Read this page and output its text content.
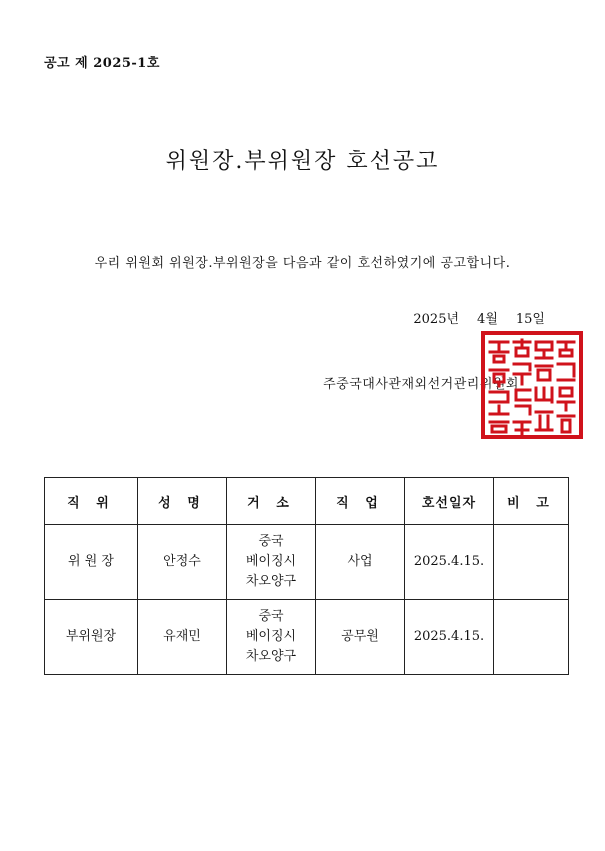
공고 제 2025-1호
위원장.부위원장 호선공고
우리 위원회 위원장.부위원장을 다음과 같이 호선하였기에 공고합니다.
2025년 4월 15일
주중국대사관재외선거관리위원회
직 위	성 명	거 소	직 업	호선일자	비 고
위 원 장	안정수	중국
베이징시
차오양구	사업	2025.4.15.	
부위원장	유재민	중국
베이징시
차오양구	공무원	2025.4.15.	
